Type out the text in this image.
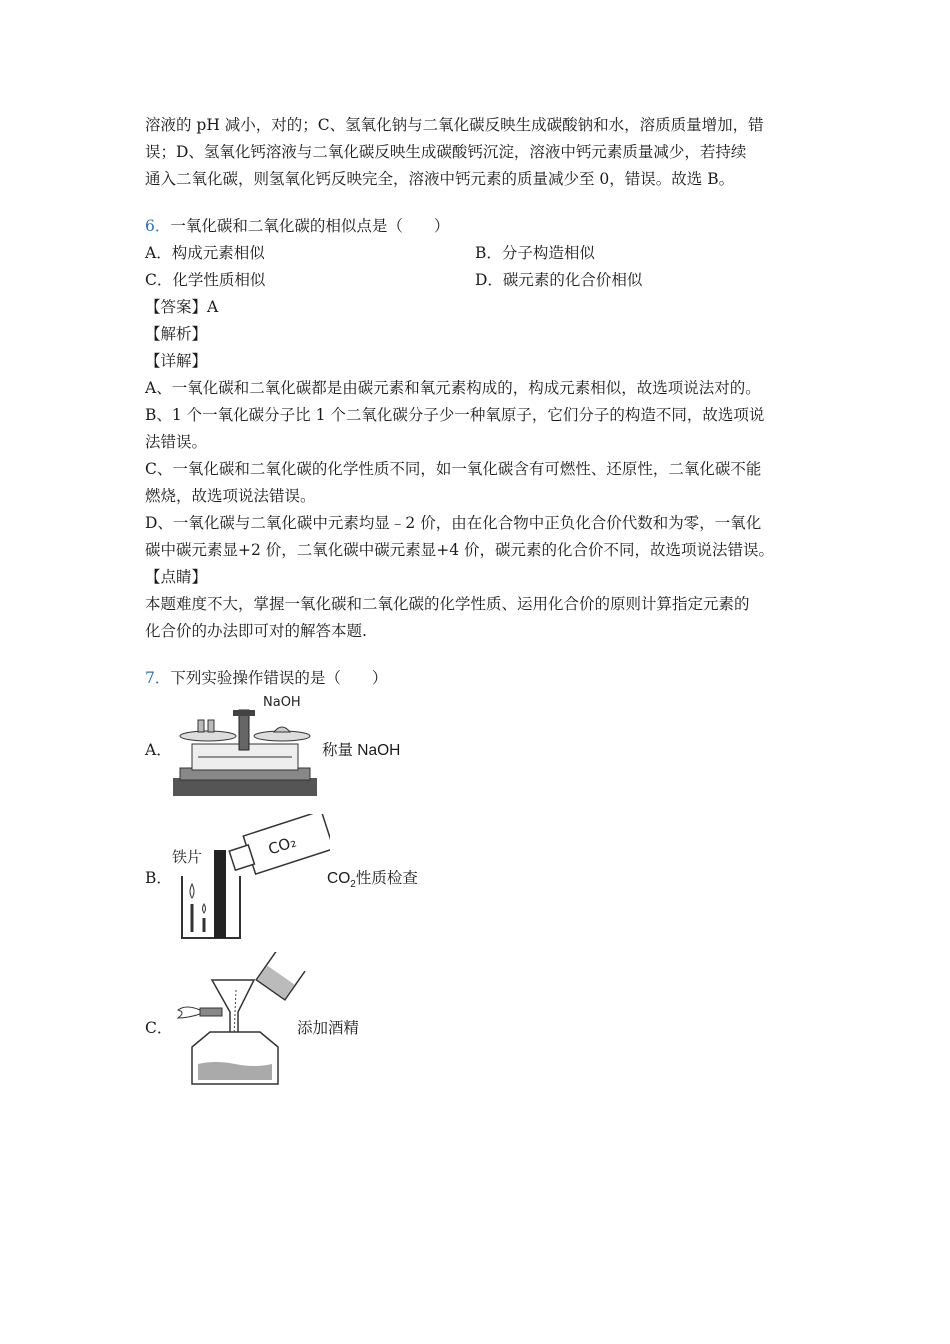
溶液的 pH 减小，对的；C、氢氧化钠与二氧化碳反映生成碳酸钠和水，溶质质量增加，错

误；D、氢氧化钙溶液与二氧化碳反映生成碳酸钙沉淀，溶液中钙元素质量减少，若持续

通入二氧化碳，则氢氧化钙反映完全，溶液中钙元素的质量减少至 0，错误。故选 B。

6．一氧化碳和二氧化碳的相似点是（　　）

A．构成元素相似	B．分子构造相似
C．化学性质相似	D．碳元素的化合价相似

【答案】A

【解析】

【详解】

A、一氧化碳和二氧化碳都是由碳元素和氧元素构成的，构成元素相似，故选项说法对的。

B、1 个一氧化碳分子比 1 个二氧化碳分子少一种氧原子，它们分子的构造不同，故选项说

法错误。

C、一氧化碳和二氧化碳的化学性质不同，如一氧化碳含有可燃性、还原性，二氧化碳不能

燃烧，故选项说法错误。

D、一氧化碳与二氧化碳中元素均显﹣2 价，由在化合物中正负化合价代数和为零，一氧化

碳中碳元素显+2 价，二氧化碳中碳元素显+4 价，碳元素的化合价不同，故选项说法错误。

【点睛】

本题难度不大，掌握一氧化碳和二氧化碳的化学性质、运用化合价的原则计算指定元素的

化合价的办法即可对的解答本题.

7．下列实验操作错误的是（　　）

A．
NaOH
称量 NaOH
B．
铁片	CO₂
$CO_2$性质检查
C．	添加酒精
